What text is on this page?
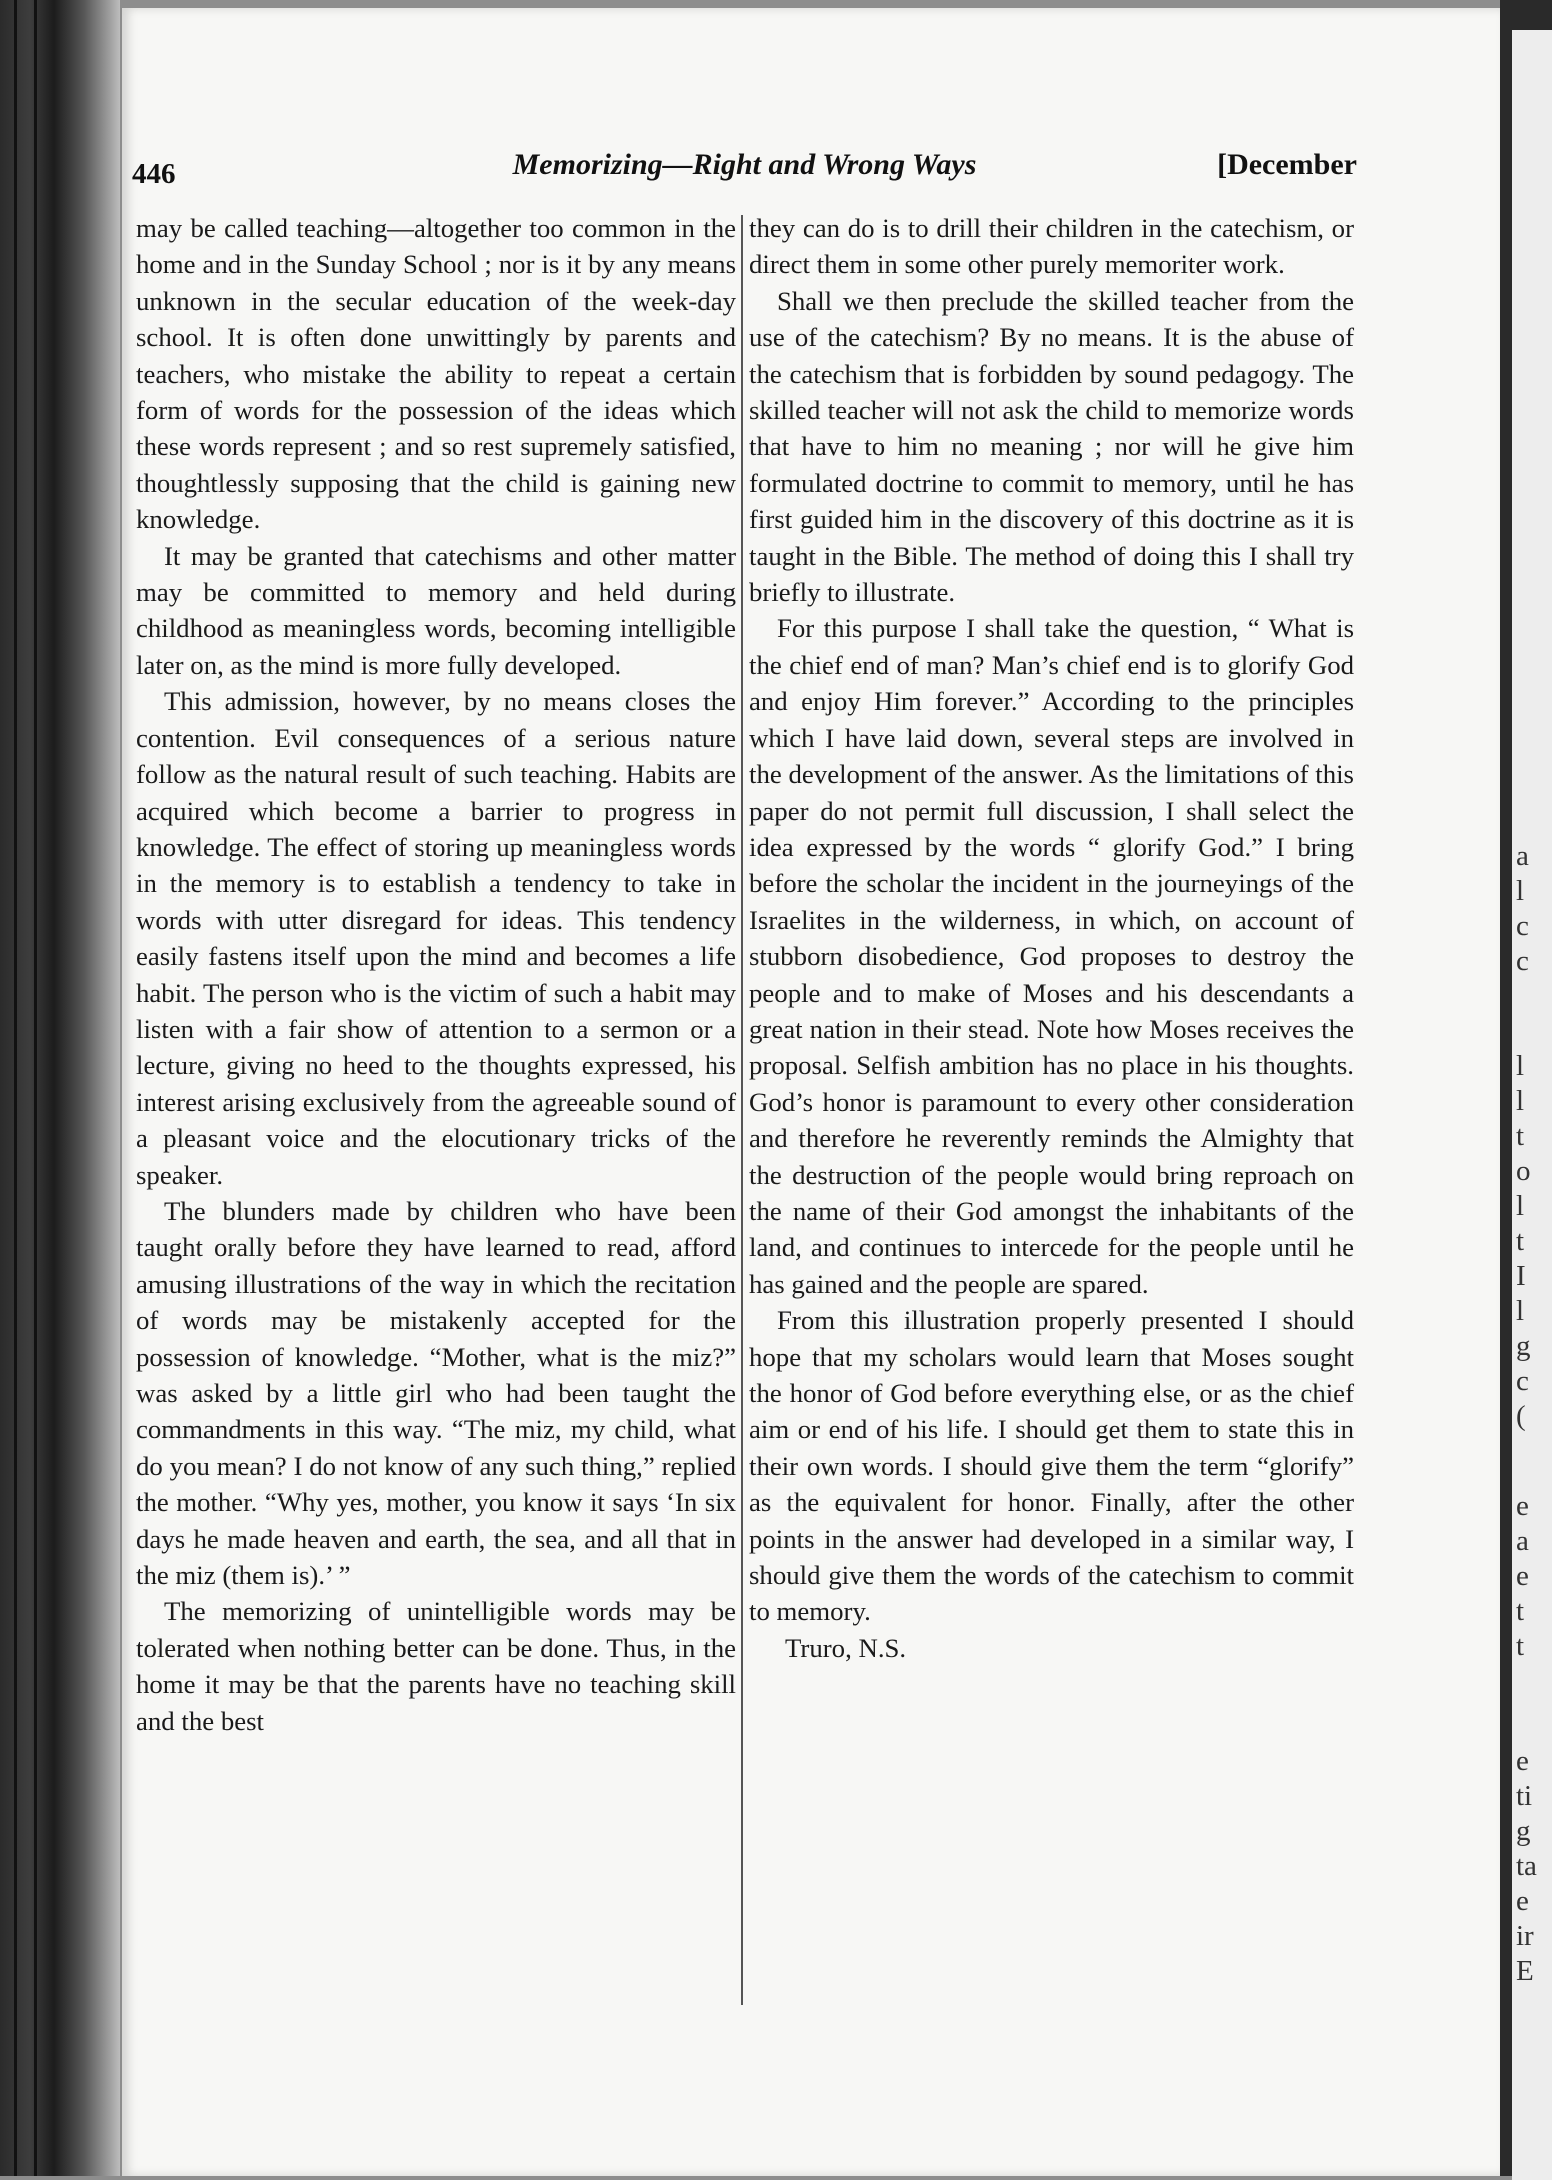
a
l
c
c
l
l
t
o
l
t
I
l
g
c
(
e
a
e
t
t
e
ti
g
ta
e
ir
E
446	Memorizing—Right and Wrong Ways	[December

may be called teaching—altogether too common in the home and in the Sunday School ; nor is it by any means unknown in the secular education of the week-day school. It is often done unwittingly by parents and teachers, who mistake the ability to repeat a certain form of words for the possession of the ideas which these words represent ; and so rest supremely satisfied, thoughtlessly supposing that the child is gaining new knowledge.

It may be granted that catechisms and other matter may be committed to memory and held during childhood as meaningless words, becoming intelligible later on, as the mind is more fully developed.

This admission, however, by no means closes the contention. Evil consequences of a serious nature follow as the natural result of such teaching. Habits are acquired which become a barrier to progress in knowledge. The effect of storing up meaningless words in the memory is to establish a tendency to take in words with utter disregard for ideas. This tendency easily fastens itself upon the mind and becomes a life habit. The person who is the victim of such a habit may listen with a fair show of attention to a sermon or a lecture, giving no heed to the thoughts expressed, his interest arising exclusively from the agreeable sound of a pleasant voice and the elocutionary tricks of the speaker.

The blunders made by children who have been taught orally before they have learned to read, afford amusing illustrations of the way in which the recitation of words may be mistakenly accepted for the possession of knowledge. “Mother, what is the miz?” was asked by a little girl who had been taught the commandments in this way. “The miz, my child, what do you mean? I do not know of any such thing,” replied the mother. “Why yes, mother, you know it says ‘In six days he made heaven and earth, the sea, and all that in the miz (them is).’ ”

The memorizing of unintelligible words may be tolerated when nothing better can be done. Thus, in the home it may be that the parents have no teaching skill and the best

they can do is to drill their children in the catechism, or direct them in some other purely memoriter work.

Shall we then preclude the skilled teacher from the use of the catechism? By no means. It is the abuse of the catechism that is forbidden by sound pedagogy. The skilled teacher will not ask the child to memorize words that have to him no meaning ; nor will he give him formulated doctrine to commit to memory, until he has first guided him in the discovery of this doctrine as it is taught in the Bible. The method of doing this I shall try briefly to illustrate.

For this purpose I shall take the question, “ What is the chief end of man? Man’s chief end is to glorify God and enjoy Him forever.” According to the principles which I have laid down, several steps are involved in the development of the answer. As the limitations of this paper do not permit full discussion, I shall select the idea expressed by the words “ glorify God.” I bring before the scholar the incident in the journeyings of the Israelites in the wilderness, in which, on account of stubborn disobedience, God proposes to destroy the people and to make of Moses and his descendants a great nation in their stead. Note how Moses receives the proposal. Selfish ambition has no place in his thoughts. God’s honor is paramount to every other consideration and therefore he reverently reminds the Almighty that the destruction of the people would bring reproach on the name of their God amongst the inhabitants of the land, and continues to intercede for the people until he has gained and the people are spared.

From this illustration properly presented I should hope that my scholars would learn that Moses sought the honor of God before everything else, or as the chief aim or end of his life. I should get them to state this in their own words. I should give them the term “glorify” as the equivalent for honor. Finally, after the other points in the answer had developed in a similar way, I should give them the words of the catechism to commit to memory.

Truro, N.S.
